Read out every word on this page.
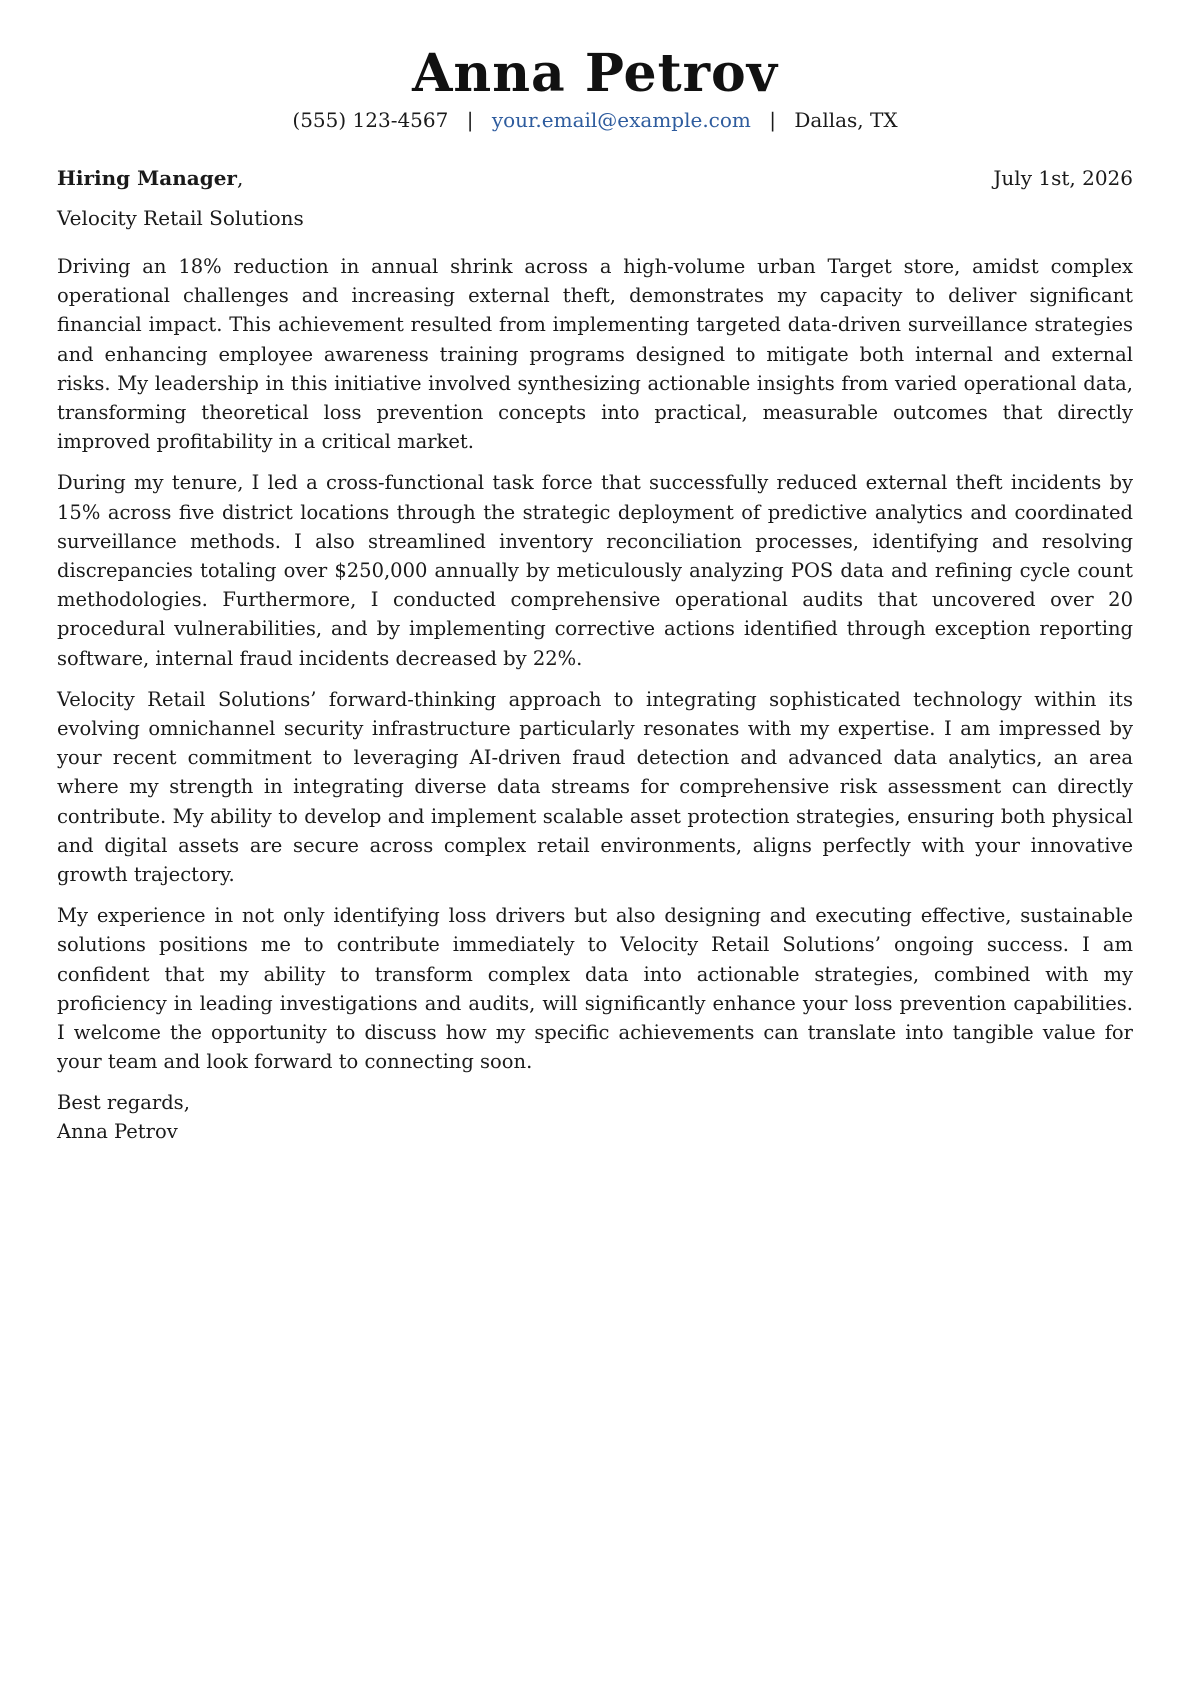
Anna Petrov
(555) 123-4567 | your.email@example.com | Dallas, TX
Hiring Manager,	July 1st, 2026
Velocity Retail Solutions

Driving an 18% reduction in annual shrink across a high-volume urban Target store, amidst complex operational challenges and increasing external theft, demonstrates my capacity to deliver significant financial impact. This achievement resulted from implementing targeted data-driven surveillance strategies and enhancing employee awareness training programs designed to mitigate both internal and external risks. My leadership in this initiative involved synthesizing actionable insights from varied operational data, transforming theoretical loss prevention concepts into practical, measurable outcomes that directly improved profitability in a critical market.

During my tenure, I led a cross-functional task force that successfully reduced external theft incidents by 15% across five district locations through the strategic deployment of predictive analytics and coordinated surveillance methods. I also streamlined inventory reconciliation processes, identifying and resolving discrepancies totaling over $250,000 annually by meticulously analyzing POS data and refining cycle count methodologies. Furthermore, I conducted comprehensive operational audits that uncovered over 20 procedural vulnerabilities, and by implementing corrective actions identified through exception reporting software, internal fraud incidents decreased by 22%.

Velocity Retail Solutions’ forward-thinking approach to integrating sophisticated technology within its evolving omnichannel security infrastructure particularly resonates with my expertise. I am impressed by your recent commitment to leveraging AI-driven fraud detection and advanced data analytics, an area where my strength in integrating diverse data streams for comprehensive risk assessment can directly contribute. My ability to develop and implement scalable asset protection strategies, ensuring both physical and digital assets are secure across complex retail environments, aligns perfectly with your innovative growth trajectory.

My experience in not only identifying loss drivers but also designing and executing effective, sustainable solutions positions me to contribute immediately to Velocity Retail Solutions’ ongoing success. I am confident that my ability to transform complex data into actionable strategies, combined with my proficiency in leading investigations and audits, will significantly enhance your loss prevention capabilities. I welcome the opportunity to discuss how my specific achievements can translate into tangible value for your team and look forward to connecting soon.

Best regards,
Anna Petrov
